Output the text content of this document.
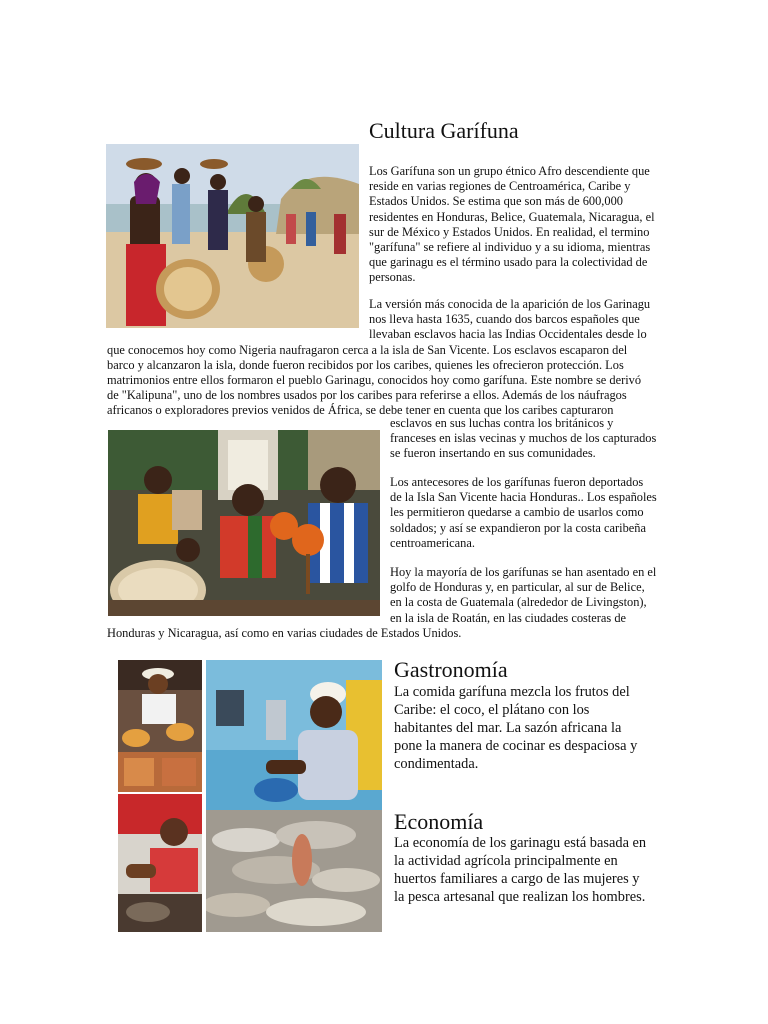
Cultura Garífuna
Los Garífuna son un grupo étnico Afro descendiente que
reside en varias regiones de Centroamérica, Caribe y
Estados Unidos. Se estima que son más de 600,000
residentes en Honduras, Belice, Guatemala, Nicaragua, el
sur de México y Estados Unidos. En realidad, el termino
"garífuna" se refiere al individuo y a su idioma, mientras
que garinagu es el término usado para la colectividad de
personas.
La versión más conocida de la aparición de los Garinagu
nos lleva hasta 1635, cuando dos barcos españoles que
llevaban esclavos hacia las Indias Occidentales desde lo
que conocemos hoy como Nigeria naufragaron cerca a la isla de San Vicente. Los esclavos escaparon del
barco y alcanzaron la isla, donde fueron recibidos por los caribes, quienes les ofrecieron protección. Los
matrimonios entre ellos formaron el pueblo Garinagu, conocidos hoy como garífuna. Este nombre se derivó
de "Kalipuna", uno de los nombres usados por los caribes para referirse a ellos. Además de los náufragos
africanos o exploradores previos venidos de África, se debe tener en cuenta que los caribes capturaron
esclavos en sus luchas contra los británicos y
franceses en islas vecinas y muchos de los capturados
se fueron insertando en sus comunidades.
Los antecesores de los garífunas fueron deportados
de la Isla San Vicente hacia Honduras.. Los españoles
les permitieron quedarse a cambio de usarlos como
soldados; y así se expandieron por la costa caribeña
centroamericana.
Hoy la mayoría de los garífunas se han asentado en el
golfo de Honduras y, en particular, al sur de Belice,
en la costa de Guatemala (alrededor de Livingston),
en la isla de Roatán, en las ciudades costeras de
Honduras y Nicaragua, así como en varias ciudades de Estados Unidos.
Gastronomía
La comida garífuna mezcla los frutos del
Caribe: el coco, el plátano con los
habitantes del mar. La sazón africana la
pone la manera de cocinar es despaciosa y
condimentada.
Economía
La economía de los garinagu está basada en
la actividad agrícola principalmente en
huertos familiares a cargo de las mujeres y
la pesca artesanal que realizan los hombres.
